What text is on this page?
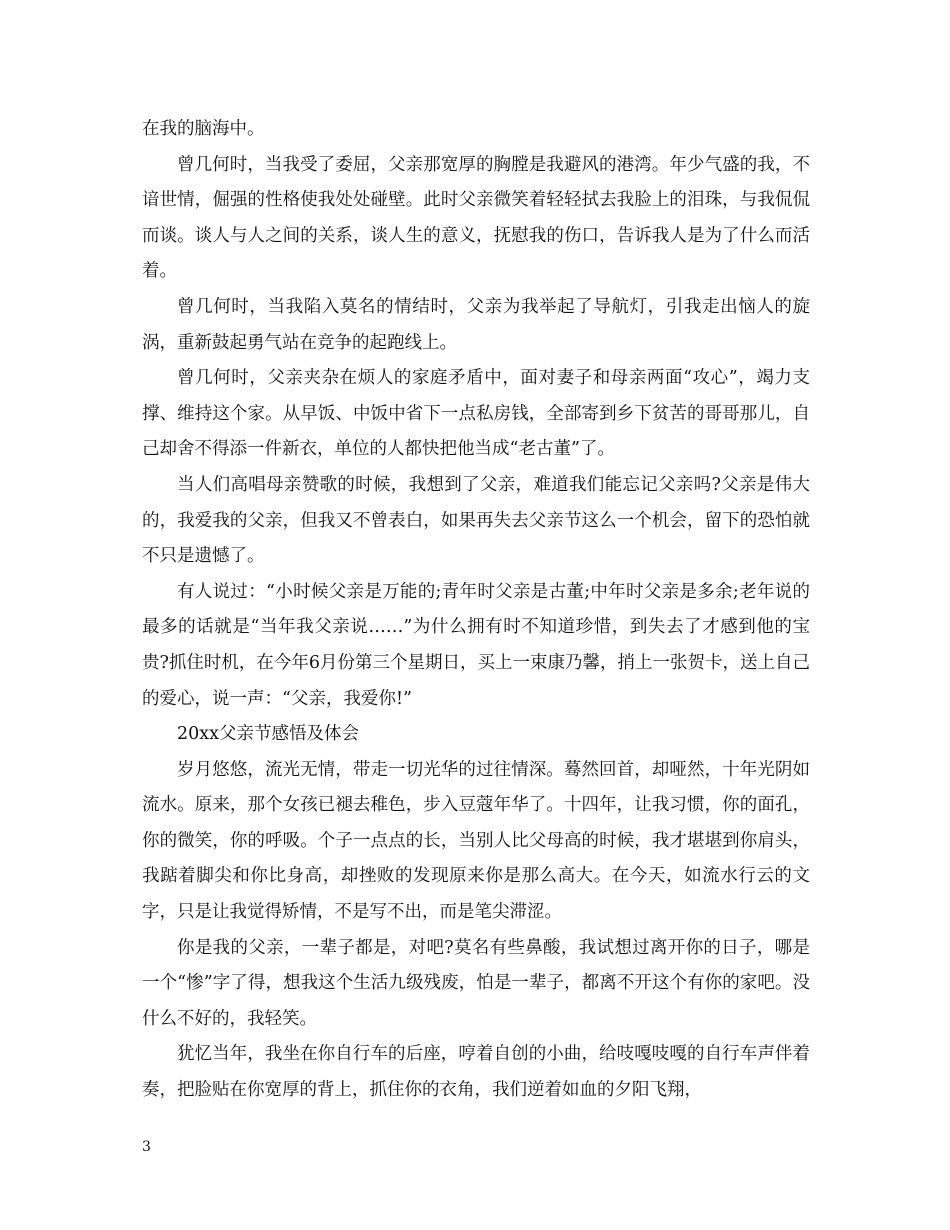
在我的脑海中。

曾几何时，当我受了委屈，父亲那宽厚的胸膛是我避风的港湾。年少气盛的我，不谙世情，倔强的性格使我处处碰壁。此时父亲微笑着轻轻拭去我脸上的泪珠，与我侃侃而谈。谈人与人之间的关系，谈人生的意义，抚慰我的伤口，告诉我人是为了什么而活着。

曾几何时，当我陷入莫名的情结时，父亲为我举起了导航灯，引我走出恼人的旋涡，重新鼓起勇气站在竞争的起跑线上。

曾几何时，父亲夹杂在烦人的家庭矛盾中，面对妻子和母亲两面“攻心”，竭力支撑、维持这个家。从早饭、中饭中省下一点私房钱，全部寄到乡下贫苦的哥哥那儿，自己却舍不得添一件新衣，单位的人都快把他当成“老古董”了。

当人们高唱母亲赞歌的时候，我想到了父亲，难道我们能忘记父亲吗?父亲是伟大的，我爱我的父亲，但我又不曾表白，如果再失去父亲节这么一个机会，留下的恐怕就不只是遗憾了。

有人说过：“小时候父亲是万能的;青年时父亲是古董;中年时父亲是多余;老年说的最多的话就是“当年我父亲说……”为什么拥有时不知道珍惜，到失去了才感到他的宝贵?抓住时机，在今年6月份第三个星期日，买上一束康乃馨，捎上一张贺卡，送上自己的爱心，说一声：“父亲，我爱你!”

20xx父亲节感悟及体会

岁月悠悠，流光无情，带走一切光华的过往情深。蓦然回首，却哑然，十年光阴如流水。原来，那个女孩已褪去稚色，步入豆蔻年华了。十四年，让我习惯，你的面孔，你的微笑，你的呼吸。个子一点点的长，当别人比父母高的时候，我才堪堪到你肩头，我踮着脚尖和你比身高，却挫败的发现原来你是那么高大。在今天，如流水行云的文字，只是让我觉得矫情，不是写不出，而是笔尖滞涩。

你是我的父亲，一辈子都是，对吧?莫名有些鼻酸，我试想过离开你的日子，哪是一个“惨”字了得，想我这个生活九级残废，怕是一辈子，都离不开这个有你的家吧。没什么不好的，我轻笑。

犹忆当年，我坐在你自行车的后座，哼着自创的小曲，给吱嘎吱嘎的自行车声伴着奏，把脸贴在你宽厚的背上，抓住你的衣角，我们逆着如血的夕阳飞翔，

3
